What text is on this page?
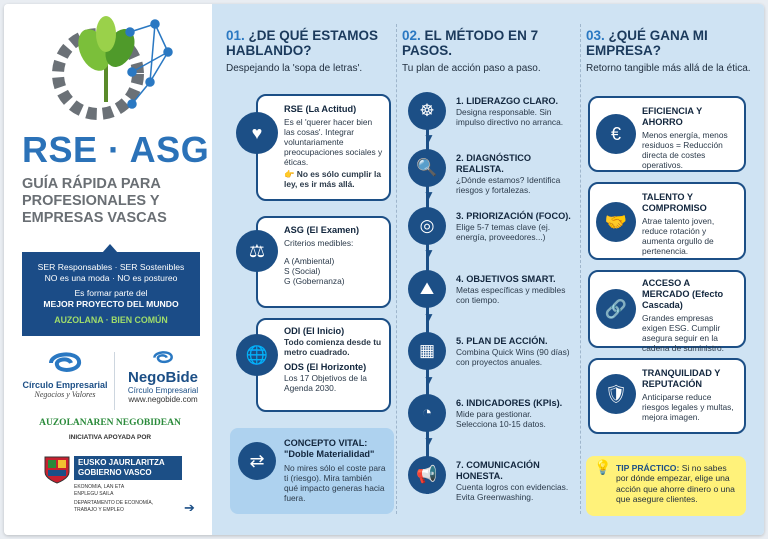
RSE · ASG
GUÍA RÁPIDA PARA
PROFESIONALES Y
EMPRESAS VASCAS
SER Responsables · SER Sostenibles
NO es una moda · NO es postureo
Es formar parte del
MEJOR PROYECTO DEL MUNDO
AUZOLANA · BIEN COMÚN
Círculo Empresarial
Negocios y Valores
NegoBide
Círculo Empresarial
www.negobide.com
AUZOLANAREN NEGOBIDEAN
INICIATIVA APOYADA POR
EUSKO JAURLARITZA
GOBIERNO VASCO
EKONOMIA, LAN ETA
ENPLEGU SAILA
DEPARTAMENTO DE ECONOMÍA,
TRABAJO Y EMPLEO	➔
01. ¿DE QUÉ ESTAMOS HABLANDO?
Despejando la 'sopa de letras'.
RSE (La Actitud)
Es el 'querer hacer bien las cosas'. Integrar voluntariamente preocupaciones sociales y éticas.
👉 No es sólo cumplir la ley, es ir más allá.
♥
ASG (El Examen)
Criterios medibles:
A (Ambiental)
S (Social)
G (Gobernanza)
⚖
ODI (El Inicio)
Todo comienza desde tu metro cuadrado.
ODS (El Horizonte)
Los 17 Objetivos de la Agenda 2030.
🌐
CONCEPTO VITAL: "Doble Materialidad"
No mires sólo el coste para ti (riesgo). Mira también qué impacto generas hacia fuera.
⇄
02. EL MÉTODO EN 7 PASOS.
Tu plan de acción paso a paso.
☸	1. LIDERAZGO CLARO.
Designa responsable. Sin impulso directivo no arranca.
▼
🔍	2. DIAGNÓSTICO REALISTA.
¿Dónde estamos? Identifica riesgos y fortalezas.
▼
◎	3. PRIORIZACIÓN (FOCO).
Elige 5-7 temas clave (ej. energía, proveedores...)
▼
⛰	4. OBJETIVOS SMART.
Metas específicas y medibles con tiempo.
▼
▦	5. PLAN DE ACCIÓN.
Combina Quick Wins (90 días) con proyectos anuales.
▼
◔	6. INDICADORES (KPIs).
Mide para gestionar. Selecciona 10-15 datos.
▼
📢	7. COMUNICACIÓN HONESTA.
Cuenta logros con evidencias. Evita Greenwashing.
03. ¿QUÉ GANA MI EMPRESA?
Retorno tangible más allá de la ética.
EFICIENCIA Y AHORRO
Menos energía, menos residuos = Reducción directa de costes operativos.
€
TALENTO Y COMPROMISO
Atrae talento joven, reduce rotación y aumenta orgullo de pertenencia.
🤝
ACCESO A MERCADO (Efecto Cascada)
Grandes empresas exigen ESG. Cumplir asegura seguir en la cadena de suministro.
🔗
TRANQUILIDAD Y REPUTACIÓN
Anticiparse reduce riesgos legales y multas, mejora imagen.
🛡
💡 TIP PRÁCTICO: Si no sabes por dónde empezar, elige una acción que ahorre dinero o una que asegure clientes.
